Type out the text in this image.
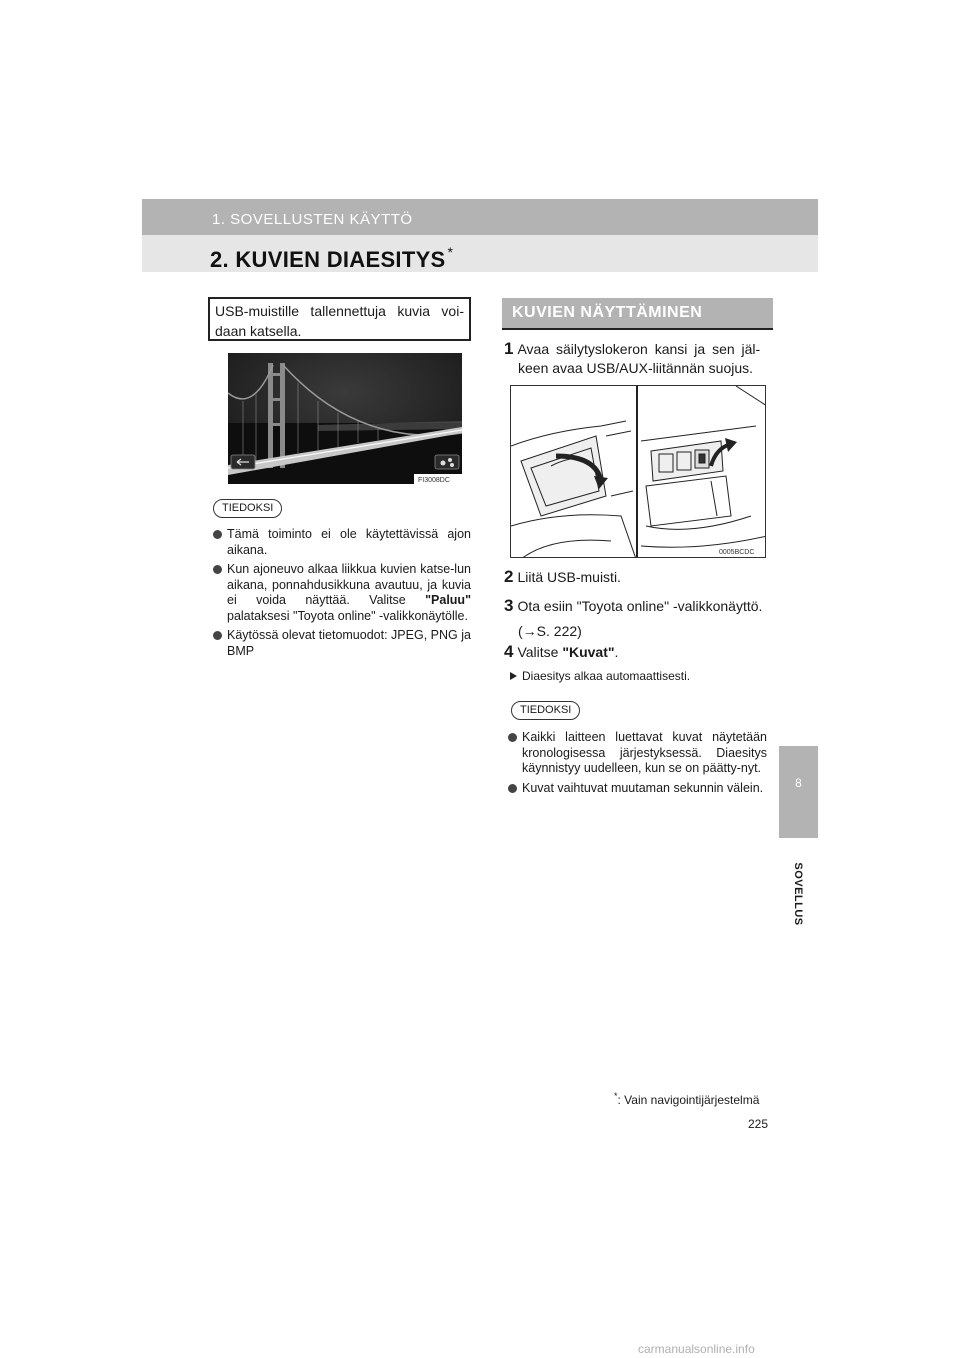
1. SOVELLUSTEN KÄYTTÖ
2. KUVIEN DIAESITYS *
8
SOVELLUS
USB-muistille tallennettuja kuvia voi-daan katsella.
FI3008DC
TIEDOKSI
Tämä toiminto ei ole käytettävissä ajon aikana.
Kun ajoneuvo alkaa liikkua kuvien katse-lun aikana, ponnahdusikkuna avautuu, ja kuvia ei voida näyttää. Valitse "Paluu" palataksesi "Toyota online" -valikkonäytölle.
Käytössä olevat tietomuodot: JPEG, PNG ja BMP
KUVIEN NÄYTTÄMINEN
1 Avaa säilytyslokeron kansi ja sen jäl-
keen avaa USB/AUX-liitännän suojus.
0005BCDC
2 Liitä USB-muisti.
3 Ota esiin "Toyota online" -valikkonäyttö.
(→S. 222)
4 Valitse "Kuvat".
Diaesitys alkaa automaattisesti.
TIEDOKSI
Kaikki laitteen luettavat kuvat näytetään kronologisessa järjestyksessä. Diaesitys käynnistyy uudelleen, kun se on päätty-nyt.
Kuvat vaihtuvat muutaman sekunnin välein.
*: Vain navigointijärjestelmä
225
carmanualsonline.info
